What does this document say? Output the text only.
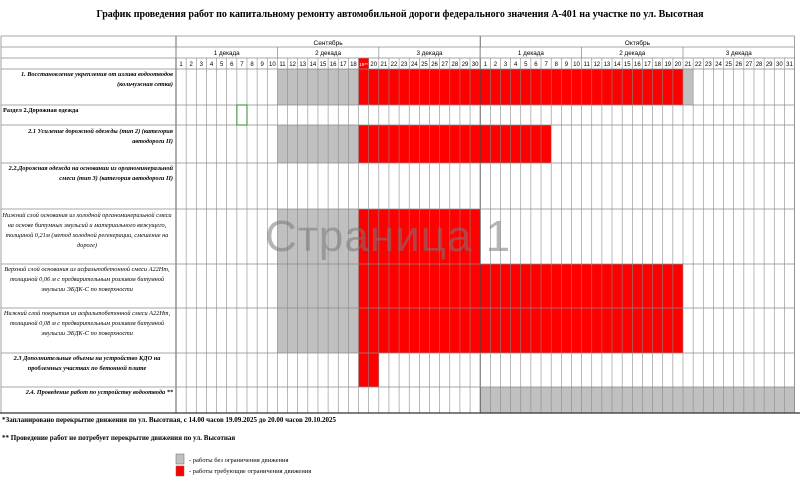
График проведения работ по капитальному ремонту автомобильной дороги федерального значения А-401 на участке по ул. Высотная
Сентябрь	Октябрь
1 декада	2 декада	3 декада	1 декада	2 декада	3 декада
1 2 3 4 5 6 7 8 9 10 11 12 13 14 15 16 17 18 19** 20 21 22 23 24 25 26 27 28 29 30 1 2 3 4 5 6 7 8 9 10 11 12 13 14 15 16 17 18 19 20 21 22 23 24 25 26 27 28 29 30 31
1. Восстановление укрепления от излива водоотводов (кольчужная сетка)
Раздел 2.Дорожная одежда
2.1 Усиление дорожной одежды (тип 2) (категория автодороги II)
2.2.Дорожная одежда на основании из органоминеральной смеси (тип 3) (категория автодороги II)
Нижний слой основания из холодной органоминеральной смеси на основе битумных эмульсий и материального вяжущего, толщиной 0,21м (метод холодной регенерации, смешение на дороге)
Верхний слой основания из асфальтобетонной смеси А22Нт, толщиной 0,06 м с предварительным розливом битумной эмульсии ЭБДК-С по поверхности
Нижний слой покрытия из асфальтобетонной смеси А22Нт, толщиной 0,08 м с предварительным розливом битумной эмульсии ЭБДК-С по поверхности
2.3 Дополнительные объемы на устройство КДО на проблемных участках по бетонной плите
2.4. Проведение работ по устройству водоотвода **
*Запланировано перекрытие движения по ул. Высотная, с 14.00 часов 19.09.2025 до 20.00 часов 20.10.2025
** Проведение работ не потребует перекрытие движения по ул. Высотная
- работы без ограничения движения
- работы требующие ограничения движения
Страница 1
